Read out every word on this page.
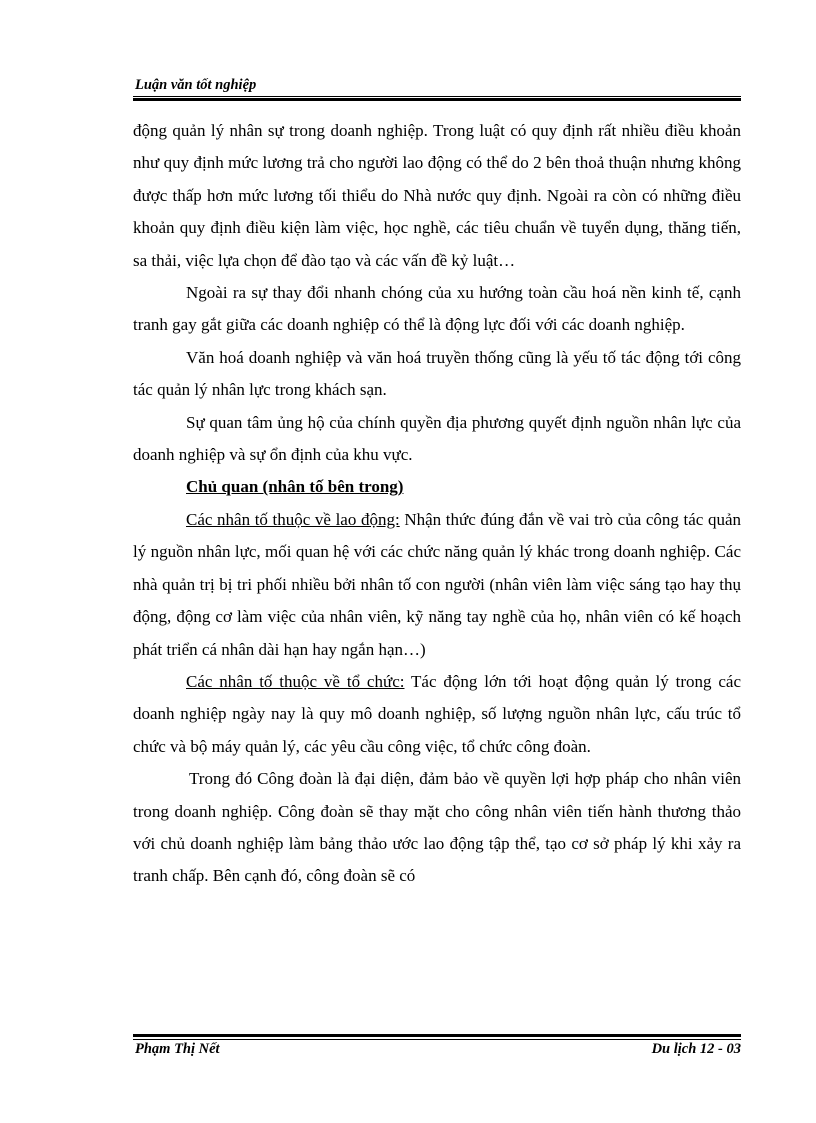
Luận văn tốt nghiệp

động quản lý nhân sự trong doanh nghiệp. Trong luật có quy định rất nhiều điều khoản như quy định mức lương trả cho người lao động có thể do 2 bên thoả thuận nhưng không được thấp hơn mức lương tối thiểu do Nhà nước quy định. Ngoài ra còn có những điều khoản quy định điều kiện làm việc, học nghề, các tiêu chuẩn về tuyển dụng, thăng tiến, sa thải, việc lựa chọn để đào tạo và các vấn đề kỷ luật…

Ngoài ra sự thay đổi nhanh chóng của xu hướng toàn cầu hoá nền kinh tế, cạnh tranh gay gắt giữa các doanh nghiệp có thể là động lực đối với các doanh nghiệp.

Văn hoá doanh nghiệp và văn hoá truyền thống cũng là yếu tố tác động tới công tác quản lý nhân lực trong khách sạn.

Sự quan tâm ủng hộ của chính quyền địa phương quyết định nguồn nhân lực của doanh nghiệp và sự ổn định của khu vực.

Chủ quan (nhân tố bên trong)

Các nhân tố thuộc về lao động: Nhận thức đúng đắn về vai trò của công tác quản lý nguồn nhân lực, mối quan hệ với các chức năng quản lý khác trong doanh nghiệp. Các nhà quản trị bị tri phối nhiều bởi nhân tố con người (nhân viên làm việc sáng tạo hay thụ động, động cơ làm việc của nhân viên, kỹ năng tay nghề của họ, nhân viên có kế hoạch phát triển cá nhân dài hạn hay ngắn hạn…)

Các nhân tố thuộc về tổ chức: Tác động lớn tới hoạt động quản lý trong các doanh nghiệp ngày nay là quy mô doanh nghiệp, số lượng nguồn nhân lực, cấu trúc tổ chức và bộ máy quản lý, các yêu cầu công việc, tổ chức công đoàn.

Trong đó Công đoàn là đại diện, đảm bảo về quyền lợi hợp pháp cho nhân viên trong doanh nghiệp. Công đoàn sẽ thay mặt cho công nhân viên tiến hành thương thảo với chủ doanh nghiệp làm bảng thảo ước lao động tập thể, tạo cơ sở pháp lý khi xảy ra tranh chấp. Bên cạnh đó, công đoàn sẽ có

Phạm Thị Nết	Du lịch 12 - 03
